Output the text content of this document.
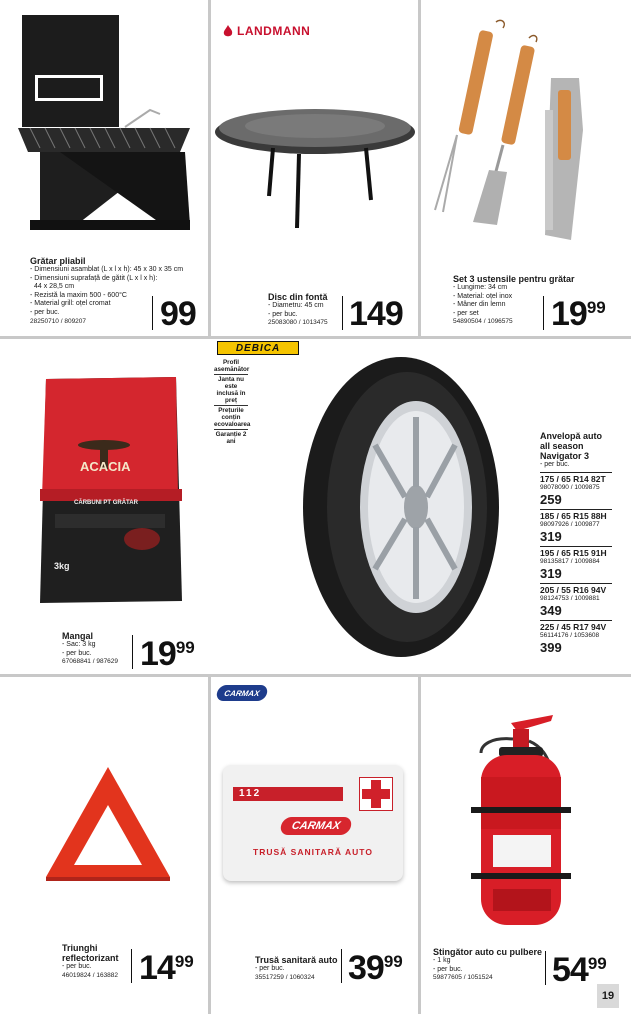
Grătar pliabil
- Dimensiuni asamblat (L x l x h): 45 x 30 x 35 cm
- Dimensiuni suprafață de gătit (L x l x h):
44 x 28,5 cm
- Rezistă la maxim 500 - 600°C
- Material grill: oțel cromat
- per buc.
28250710 / 809207	99
LANDMANN
Disc din fontă
- Diametru: 45 cm
- per buc.
25083080 / 1013475 149
Set 3 ustensile pentru grătar
- Lungime: 34 cm
- Material: oțel inox
- Mâner din lemn
- per set
54890504 / 1096575	1999
ACACIA
CĂRBUNI PT GRĂTAR
3kg
Mangal
- Sac: 3 kg
- per buc.
67068841 / 987629 1999
DEBICA
Profil asemănător
Janta nu este inclusă în preț
Prețurile conțin ecovaloarea
Garanție 2 ani
Anvelopă auto
all season
Navigator 3
- per buc.
175 / 65 R14 82T
98078090 / 1009875
259
185 / 65 R15 88H
98097926 / 1009877
319
195 / 65 R15 91H
98135817 / 1009884
319
205 / 55 R16 94V
98124753 / 1009881
349
225 / 45 R17 94V
56114176 / 1053608
399
Triunghi
reflectorizant
- per buc.
46019824 / 163882 1499
CARMAX
112
CARMAX
TRUSĂ SANITARĂ AUTO
Trusă sanitară auto
- per buc.
35517259 / 1060324 3999	Stingător auto cu pulbere
- 1 kg
- per buc.
59877605 / 1051524	5499
19
